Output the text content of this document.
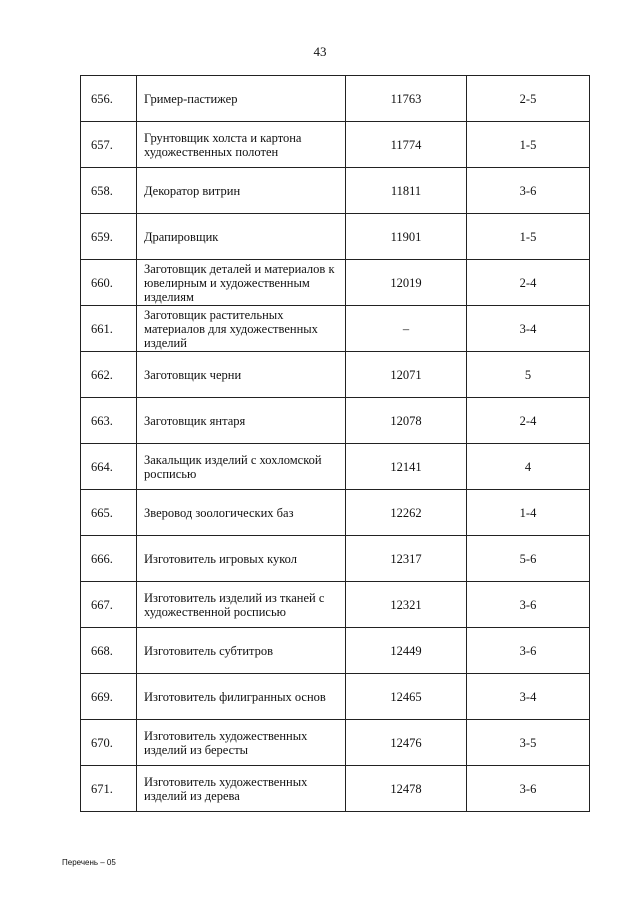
43
656.	Гример-пастижер	11763	2-5
657.	Грунтовщик холста и картона художественных полотен	11774	1-5
658.	Декоратор витрин	11811	3-6
659.	Драпировщик	11901	1-5
660.	Заготовщик деталей и материалов к ювелирным и художественным изделиям	12019	2-4
661.	Заготовщик растительных материалов для художественных изделий	–	3-4
662.	Заготовщик черни	12071	5
663.	Заготовщик янтаря	12078	2-4
664.	Закальщик изделий с хохломской росписью	12141	4
665.	Зверовод зоологических баз	12262	1-4
666.	Изготовитель игровых кукол	12317	5-6
667.	Изготовитель изделий из тканей с художественной росписью	12321	3-6
668.	Изготовитель субтитров	12449	3-6
669.	Изготовитель филигранных основ	12465	3-4
670.	Изготовитель художественных изделий из бересты	12476	3-5
671.	Изготовитель художественных изделий из дерева	12478	3-6
Перечень – 05
